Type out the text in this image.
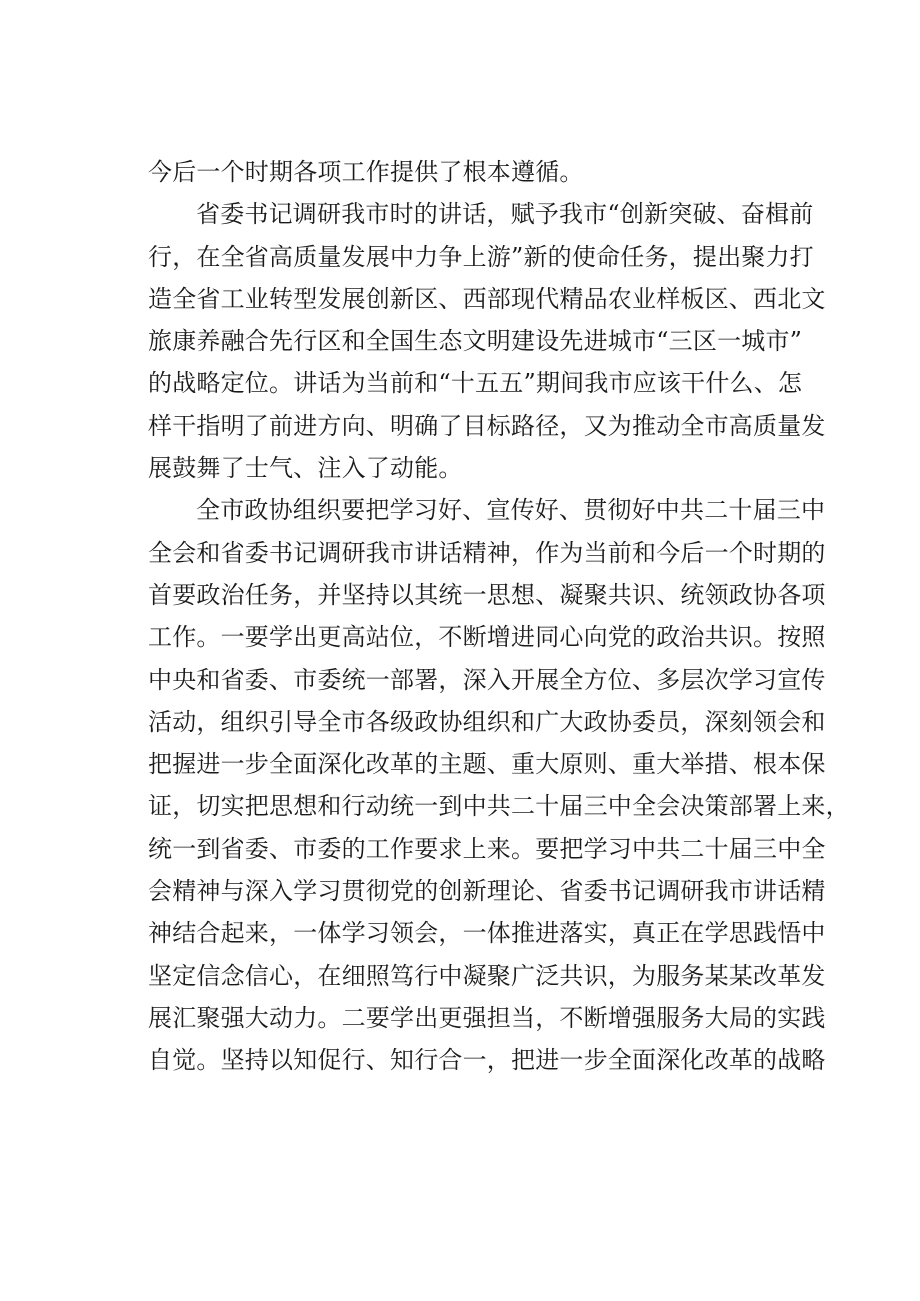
今后一个时期各项工作提供了根本遵循。
省委书记调研我市时的讲话，赋予我市“创新突破、奋楫前
行，在全省高质量发展中力争上游”新的使命任务，提出聚力打
造全省工业转型发展创新区、西部现代精品农业样板区、西北文
旅康养融合先行区和全国生态文明建设先进城市“三区一城市”
的战略定位。讲话为当前和“十五五”期间我市应该干什么、怎
样干指明了前进方向、明确了目标路径，又为推动全市高质量发
展鼓舞了士气、注入了动能。
全市政协组织要把学习好、宣传好、贯彻好中共二十届三中
全会和省委书记调研我市讲话精神，作为当前和今后一个时期的
首要政治任务，并坚持以其统一思想、凝聚共识、统领政协各项
工作。一要学出更高站位，不断增进同心向党的政治共识。按照
中央和省委、市委统一部署，深入开展全方位、多层次学习宣传
活动，组织引导全市各级政协组织和广大政协委员，深刻领会和
把握进一步全面深化改革的主题、重大原则、重大举措、根本保
证，切实把思想和行动统一到中共二十届三中全会决策部署上来，
统一到省委、市委的工作要求上来。要把学习中共二十届三中全
会精神与深入学习贯彻党的创新理论、省委书记调研我市讲话精
神结合起来，一体学习领会，一体推进落实，真正在学思践悟中
坚定信念信心，在细照笃行中凝聚广泛共识，为服务某某改革发
展汇聚强大动力。二要学出更强担当，不断增强服务大局的实践
自觉。坚持以知促行、知行合一，把进一步全面深化改革的战略
